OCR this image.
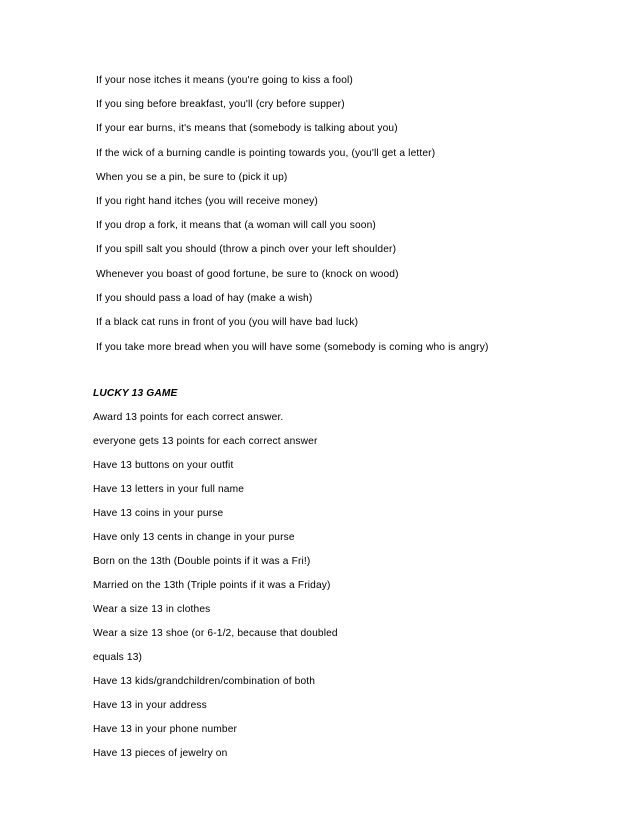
If your nose itches it means (you're going to kiss a fool)
If you sing before breakfast, you'll (cry before supper)
If your ear burns, it's means that (somebody is talking about you)
If the wick of a burning candle is pointing towards you, (you'll get a letter)
When you se a pin, be sure to (pick it up)
If you right hand itches (you will receive money)
If you drop a fork, it means that (a woman will call you soon)
If you spill salt you should (throw a pinch over your left shoulder)
Whenever you boast of good fortune, be sure to (knock on wood)
If you should pass a load of hay (make a wish)
If a black cat runs in front of you (you will have bad luck)
If you take more bread when you will have some (somebody is coming who is angry)
LUCKY 13 GAME
Award 13 points for each correct answer.
everyone gets 13 points for each correct answer
Have 13 buttons on your outfit
Have 13 letters in your full name
Have 13 coins in your purse
Have only 13 cents in change in your purse
Born on the 13th (Double points if it was a Fri!)
Married on the 13th (Triple points if it was a Friday)
Wear a size 13 in clothes
Wear a size 13 shoe (or 6-1/2, because that doubled
equals 13)
Have 13 kids/grandchildren/combination of both
Have 13 in your address
Have 13 in your phone number
Have 13 pieces of jewelry on
